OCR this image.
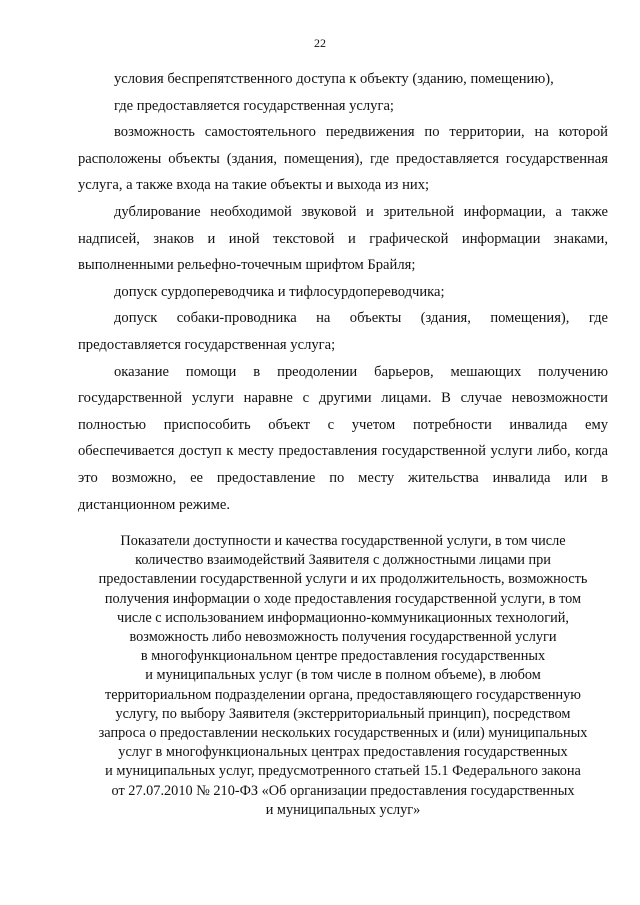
22

условия беспрепятственного доступа к объекту (зданию, помещению),

где предоставляется государственная услуга;

возможность самостоятельного передвижения по территории, на которой расположены объекты (здания, помещения), где предоставляется государственная услуга, а также входа на такие объекты и выхода из них;

дублирование необходимой звуковой и зрительной информации, а также надписей, знаков и иной текстовой и графической информации знаками, выполненными рельефно-точечным шрифтом Брайля;

допуск сурдопереводчика и тифлосурдопереводчика;

допуск собаки-проводника на объекты (здания, помещения), где предоставляется государственная услуга;

оказание помощи в преодолении барьеров, мешающих получению государственной услуги наравне с другими лицами. В случае невозможности полностью приспособить объект с учетом потребности инвалида ему обеспечивается доступ к месту предоставления государственной услуги либо, когда это возможно, ее предоставление по месту жительства инвалида или в дистанционном режиме.

Показатели доступности и качества государственной услуги, в том числе
количество взаимодействий Заявителя с должностными лицами при
предоставлении государственной услуги и их продолжительность, возможность
получения информации о ходе предоставления государственной услуги, в том
числе с использованием информационно-коммуникационных технологий,
возможность либо невозможность получения государственной услуги
в многофункциональном центре предоставления государственных
и муниципальных услуг (в том числе в полном объеме), в любом
территориальном подразделении органа, предоставляющего государственную
услугу, по выбору Заявителя (экстерриториальный принцип), посредством
запроса о предоставлении нескольких государственных и (или) муниципальных
услуг в многофункциональных центрах предоставления государственных
и муниципальных услуг, предусмотренного статьей 15.1 Федерального закона
от 27.07.2010 № 210-ФЗ «Об организации предоставления государственных
и муниципальных услуг»
